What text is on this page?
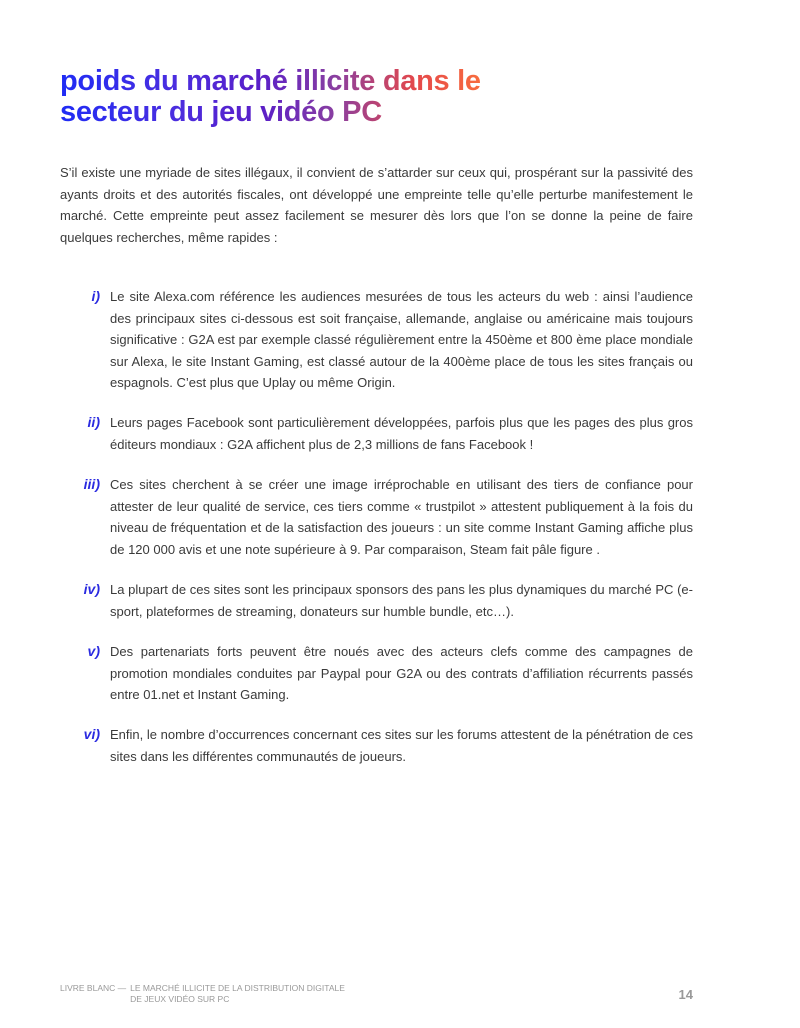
poids du marché illicite dans le secteur du jeu vidéo PC

S’il existe une myriade de sites illégaux, il convient de s’attarder sur ceux qui, prospérant sur la passivité des ayants droits et des autorités fiscales, ont développé une empreinte telle qu’elle perturbe manifestement le marché. Cette empreinte peut assez facilement se mesurer dès lors que l’on se donne la peine de faire quelques recherches, même rapides :

i) Le site Alexa.com référence les audiences mesurées de tous les acteurs du web : ainsi l’audience des principaux sites ci-dessous est soit française, allemande, anglaise ou américaine mais toujours significative : G2A est par exemple classé régulièrement entre la 450ème et 800 ème place mondiale sur Alexa, le site Instant Gaming, est classé autour de la 400ème place de tous les sites français ou espagnols. C’est plus que Uplay ou même Origin.

ii) Leurs pages Facebook sont particulièrement développées, parfois plus que les pages des plus gros éditeurs mondiaux : G2A affichent plus de 2,3 millions de fans Facebook !

iii) Ces sites cherchent à se créer une image irréprochable en utilisant des tiers de confiance pour attester de leur qualité de service, ces tiers comme « trustpilot » attestent publiquement à la fois du niveau de fréquentation et de la satisfaction des joueurs : un site comme Instant Gaming affiche plus de 120 000 avis et une note supérieure à 9. Par comparaison, Steam fait pâle figure .

iv) La plupart de ces sites sont les principaux sponsors des pans les plus dynamiques du marché PC (e-sport, plateformes de streaming, donateurs sur humble bundle, etc…).

v) Des partenariats forts peuvent être noués avec des acteurs clefs comme des campagnes de promotion mondiales conduites par Paypal pour G2A ou des contrats d’affiliation récurrents passés entre 01.net et Instant Gaming.

vi) Enfin, le nombre d’occurrences concernant ces sites sur les forums attestent de la pénétration de ces sites dans les différentes communautés de joueurs.

LIVRE BLANC — LE MARCHÉ ILLICITE DE LA DISTRIBUTION DIGITALE
DE JEUX VIDÉO SUR PC	14
